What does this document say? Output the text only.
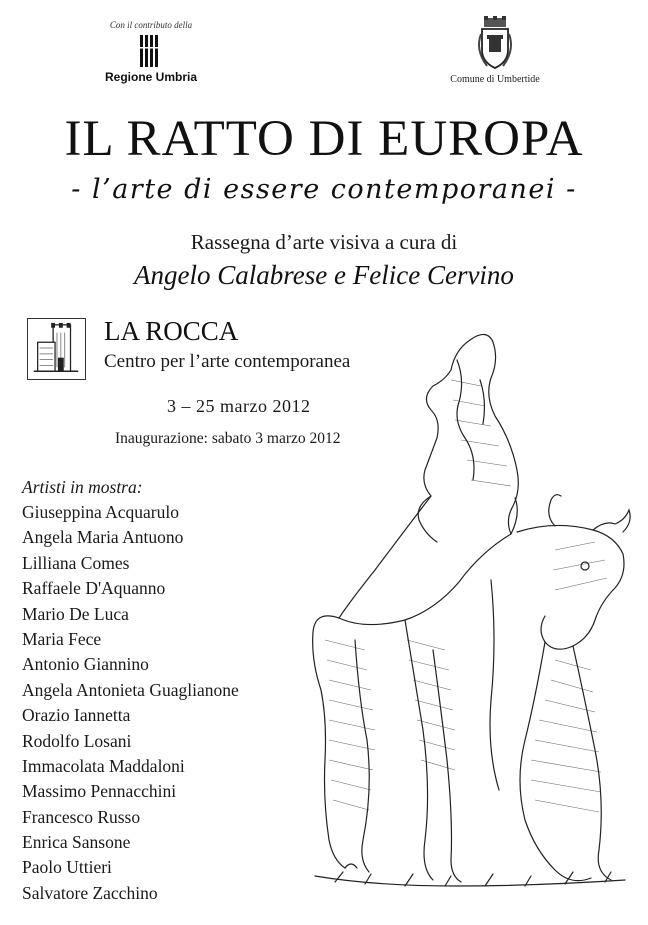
Con il contributo della
Regione Umbria	Comune di Umbertide
IL RATTO DI EUROPA
- l’arte di essere contemporanei -
Rassegna d’arte visiva a cura di
Angelo Calabrese e Felice Cervino
LA ROCCA
Centro per l’arte contemporanea
3 – 25 marzo 2012
Inaugurazione: sabato 3 marzo 2012
Artisti in mostra:
Giuseppina Acquarulo
Angela Maria Antuono
Lilliana Comes
Raffaele D'Aquanno
Mario De Luca
Maria Fece
Antonio Giannino
Angela Antonieta Guaglianone
Orazio Iannetta
Rodolfo Losani
Immacolata Maddaloni
Massimo Pennacchini
Francesco Russo
Enrica Sansone
Paolo Uttieri
Salvatore Zacchino
